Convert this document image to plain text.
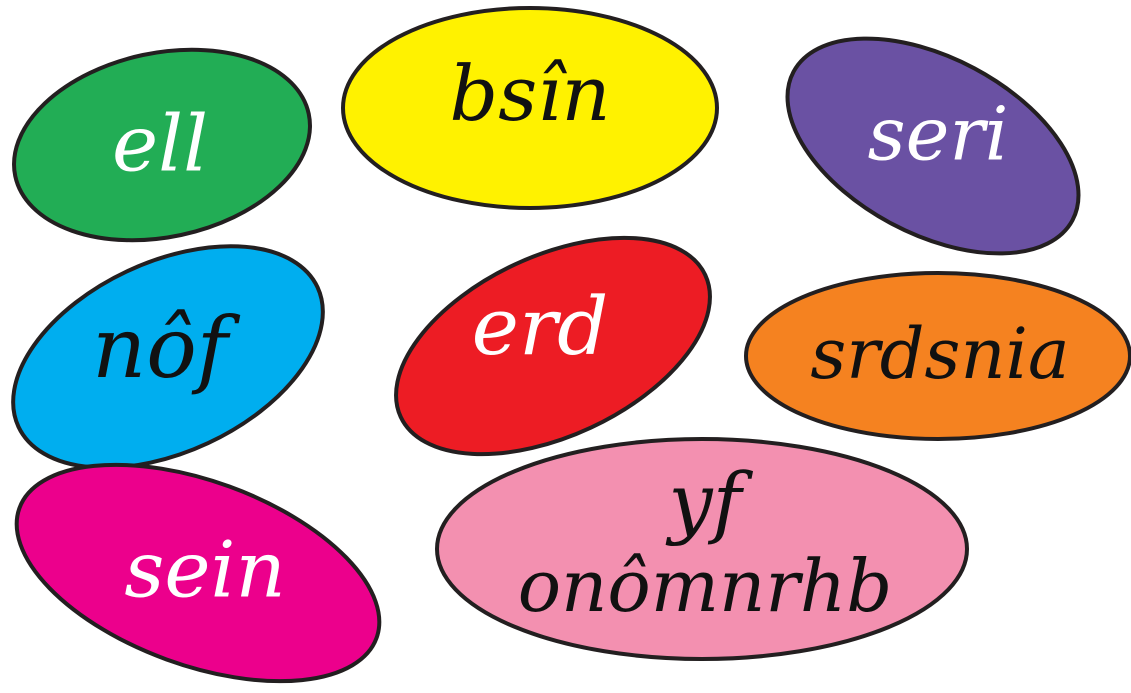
ell
bsîn	seri
nôf	erd	srdsnia
sein
yf
onômnrhb
